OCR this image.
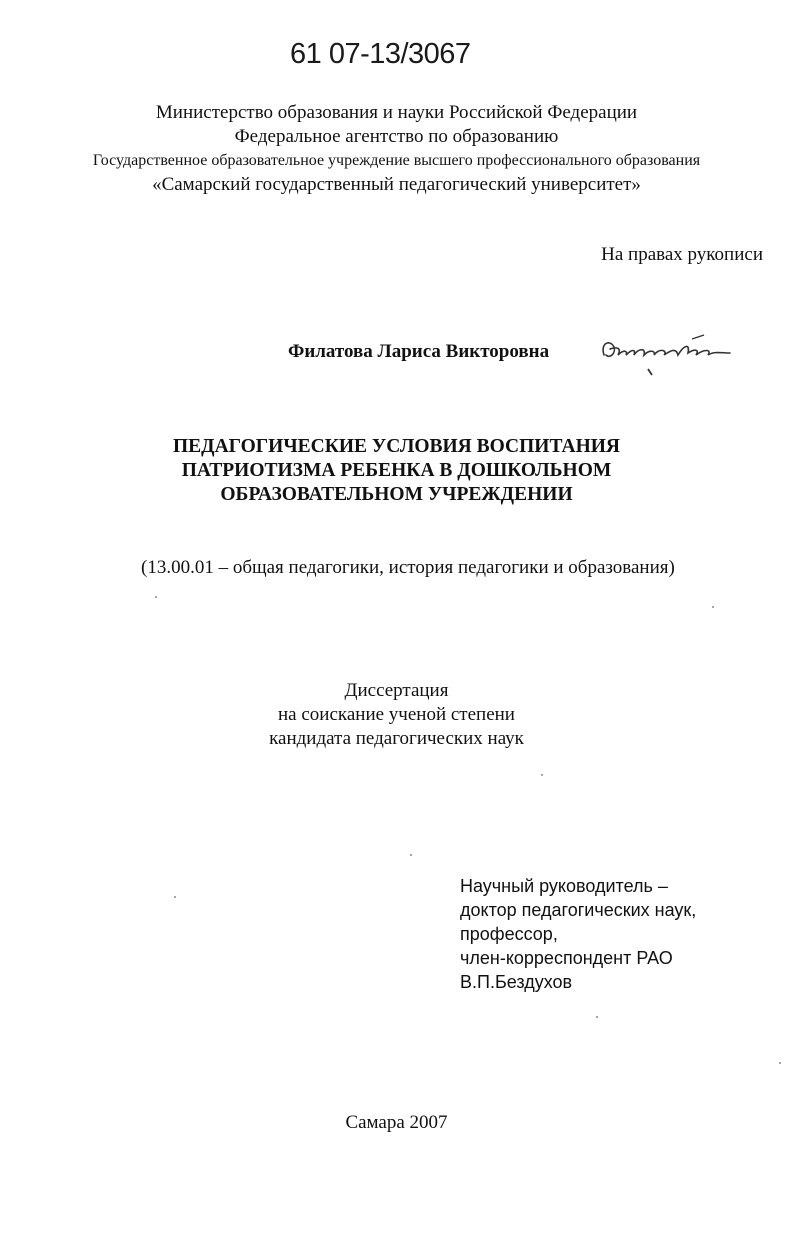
61 07-13/3067
Министерство образования и науки Российской Федерации
Федеральное агентство по образованию
Государственное образовательное учреждение высшего профессионального образования
«Самарский государственный педагогический университет»
На правах рукописи
Филатова Лариса Викторовна
ПЕДАГОГИЧЕСКИЕ УСЛОВИЯ ВОСПИТАНИЯ
ПАТРИОТИЗМА РЕБЕНКА В ДОШКОЛЬНОМ
ОБРАЗОВАТЕЛЬНОМ УЧРЕЖДЕНИИ
(13.00.01 – общая педагогики, история педагогики и образования)
Диссертация
на соискание ученой степени
кандидата педагогических наук
Научный руководитель –
доктор педагогических наук,
профессор,
член-корреспондент РАО
В.П.Бездухов
Самара 2007
